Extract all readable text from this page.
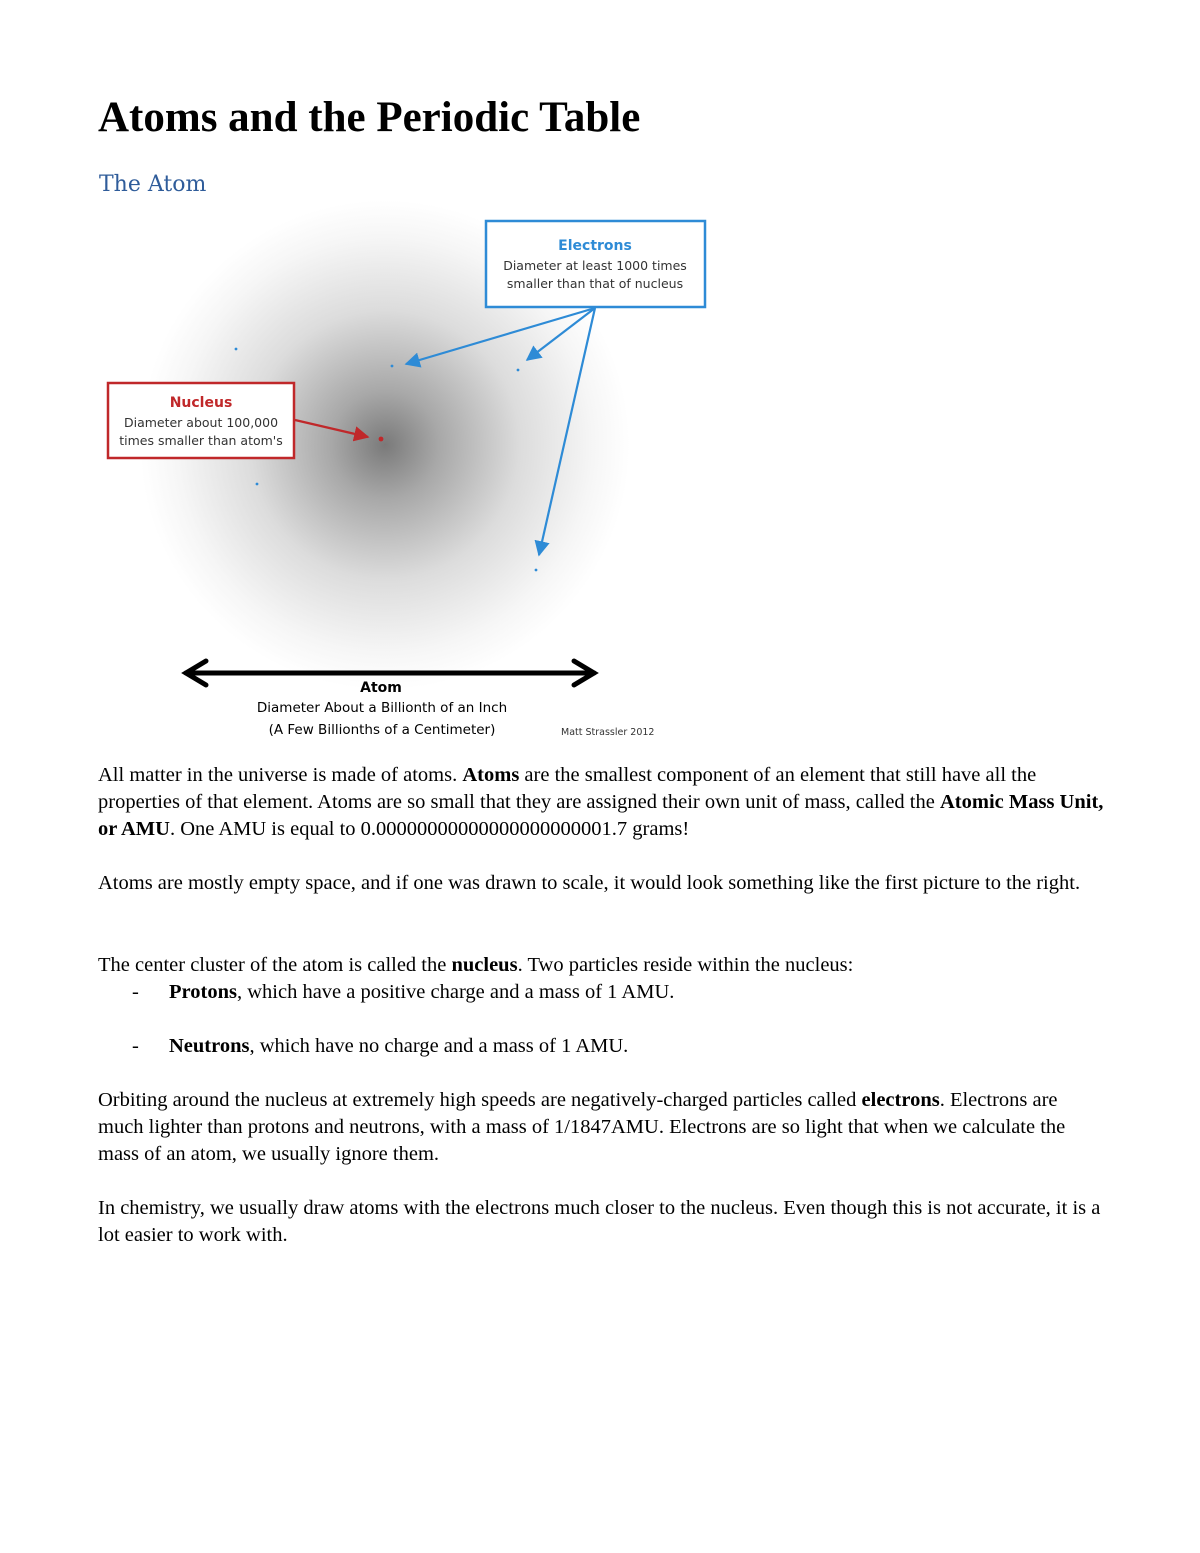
Atoms and the Periodic Table
The Atom
Electrons
Diameter at least 1000 times
smaller than that of nucleus
Nucleus
Diameter about 100,000
times smaller than atom's
Atom
Diameter About a Billionth of an Inch
(A Few Billionths of a Centimeter)	Matt Strassler 2012

All matter in the universe is made of atoms. Atoms are the smallest component of an element that still have all the properties of that element. Atoms are so small that they are assigned their own unit of mass, called the Atomic Mass Unit, or AMU. One AMU is equal to 0.00000000000000000000001.7 grams!

Atoms are mostly empty space, and if one was drawn to scale, it would look something like the first picture to the right.

The center cluster of the atom is called the nucleus. Two particles reside within the nucleus:

- Protons, which have a positive charge and a mass of 1 AMU.
- Neutrons, which have no charge and a mass of 1 AMU.

Orbiting around the nucleus at extremely high speeds are negatively-charged particles called electrons. Electrons are much lighter than protons and neutrons, with a mass of 1/1847AMU. Electrons are so light that when we calculate the mass of an atom, we usually ignore them.

In chemistry, we usually draw atoms with the electrons much closer to the nucleus. Even though this is not accurate, it is a lot easier to work with.
